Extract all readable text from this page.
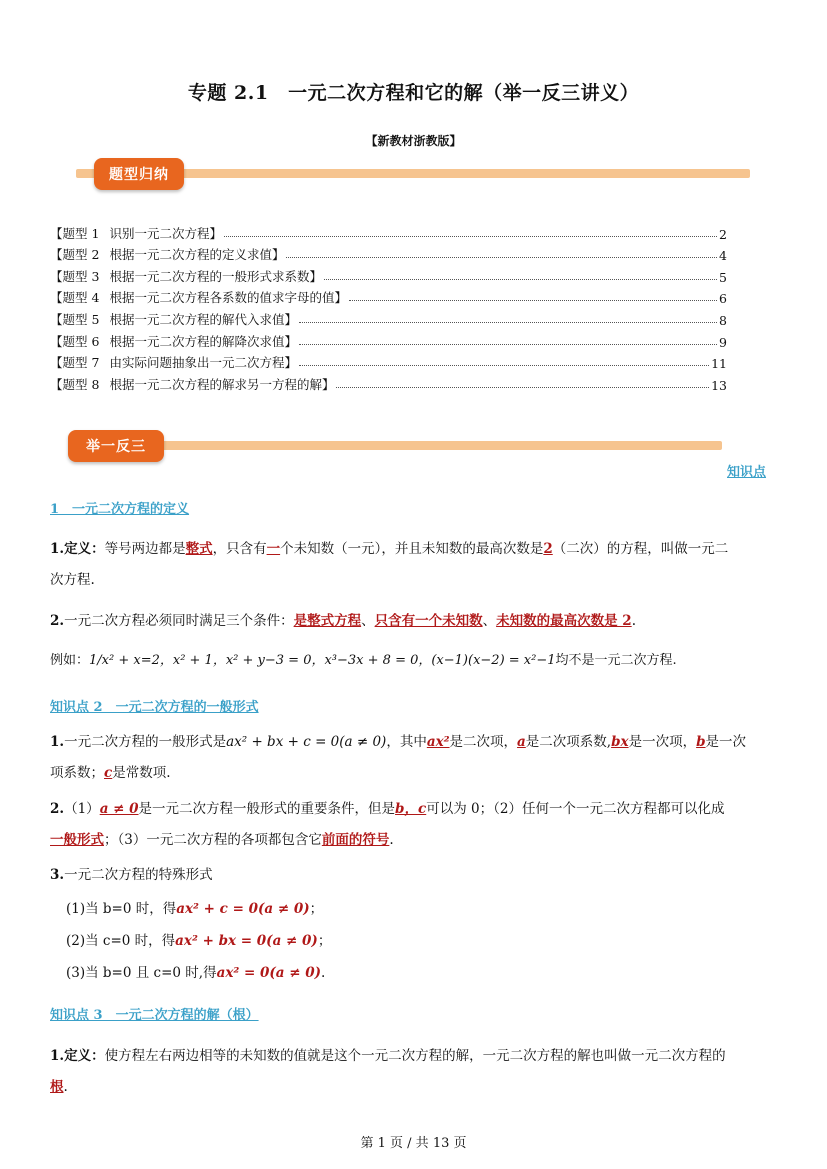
专题 2.1　一元二次方程和它的解（举一反三讲义）
【新教材浙教版】
题型归纳
【题型 1 识别一元二次方程】	2
【题型 2 根据一元二次方程的定义求值】	4
【题型 3 根据一元二次方程的一般形式求系数】	5
【题型 4 根据一元二次方程各系数的值求字母的值】	6
【题型 5 根据一元二次方程的解代入求值】	8
【题型 6 根据一元二次方程的解降次求值】	9
【题型 7 由实际问题抽象出一元二次方程】	11
【题型 8 根据一元二次方程的解求另一方程的解】	13
举一反三
知识点
1　一元二次方程的定义
1.定义：等号两边都是整式，只含有一个未知数（一元），并且未知数的最高次数是2（二次）的方程，叫做一元二
次方程.
2.一元二次方程必须同时满足三个条件：是整式方程、只含有一个未知数、未知数的最高次数是 2.
例如：1/x² + x=2，x² + 1，x² + y−3 = 0，x³−3x + 8 = 0，(x−1)(x−2) = x²−1均不是一元二次方程.
知识点 2　一元二次方程的一般形式
1.一元二次方程的一般形式是ax² + bx + c = 0(a ≠ 0)，其中ax²是二次项，a是二次项系数,bx是一次项，b是一次
项系数；c是常数项.
2.（1）a ≠ 0是一元二次方程一般形式的重要条件，但是b，c可以为 0；（2）任何一个一元二次方程都可以化成
一般形式；（3）一元二次方程的各项都包含它前面的符号.
3.一元二次方程的特殊形式
(1)当 b=0 时，得ax² + c = 0(a ≠ 0)；
(2)当 c=0 时，得ax² + bx = 0(a ≠ 0)；
(3)当 b=0 且 c=0 时,得ax² = 0(a ≠ 0).
知识点 3　一元二次方程的解（根）
1.定义：使方程左右两边相等的未知数的值就是这个一元二次方程的解，一元二次方程的解也叫做一元二次方程的
根.
第 1 页 / 共 13 页
